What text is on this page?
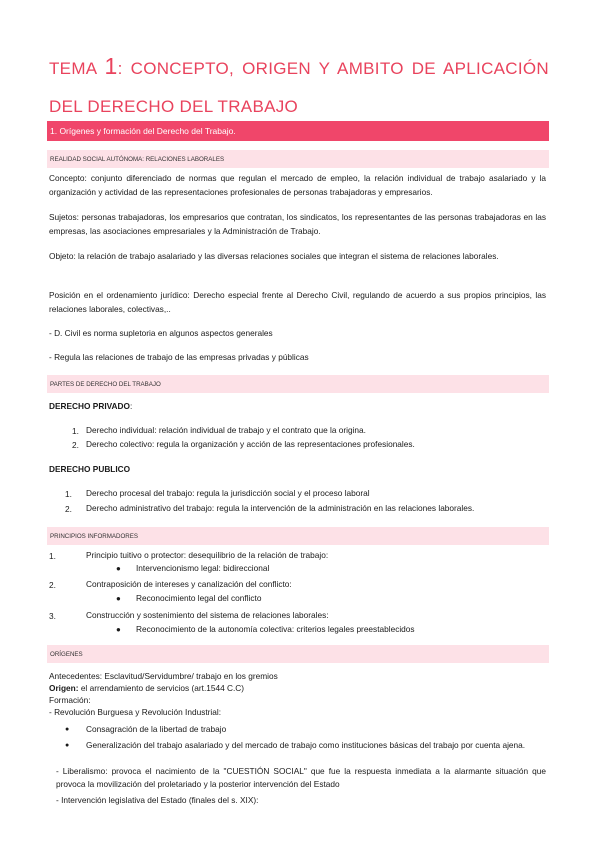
TEMA 1: CONCEPTO, ORIGEN Y AMBITO DE APLICACIÓN DEL DERECHO DEL TRABAJO
1. Orígenes y formación del Derecho del Trabajo.
REALIDAD SOCIAL AUTÓNOMA: RELACIONES LABORALES

Concepto: conjunto diferenciado de normas que regulan el mercado de empleo, la relación individual de trabajo asalariado y la organización y actividad de las representaciones profesionales de personas trabajadoras y empresarios.

Sujetos: personas trabajadoras, los empresarios que contratan, los sindicatos, los representantes de las personas trabajadoras en las empresas, las asociaciones empresariales y la Administración de Trabajo.

Objeto: la relación de trabajo asalariado y las diversas relaciones sociales que integran el sistema de relaciones laborales.

Posición en el ordenamiento jurídico: Derecho especial frente al Derecho Civil, regulando de acuerdo a sus propios principios, las relaciones laborales, colectivas,..

- D. Civil es norma supletoria en algunos aspectos generales

- Regula las relaciones de trabajo de las empresas privadas y públicas

PARTES DE DERECHO DEL TRABAJO
DERECHO PRIVADO:
1. Derecho individual: relación individual de trabajo y el contrato que la origina.
2. Derecho colectivo: regula la organización y acción de las representaciones profesionales.
DERECHO PUBLICO
1. Derecho procesal del trabajo: regula la jurisdicción social y el proceso laboral
2. Derecho administrativo del trabajo: regula la intervención de la administración en las relaciones laborales.
PRINCIPIOS INFORMADORES
1.	Principio tuitivo o protector: desequilibrio de la relación de trabajo:
● Intervencionismo legal: bidireccional
2.	Contraposición de intereses y canalización del conflicto:
● Reconocimiento legal del conflicto
3.	Construcción y sostenimiento del sistema de relaciones laborales:
● Reconocimiento de la autonomía colectiva: criterios legales preestablecidos
ORÍGENES
Antecedentes: Esclavitud/Servidumbre/ trabajo en los gremios
Origen: el arrendamiento de servicios (art.1544 C.C)
Formación:
- Revolución Burguesa y Revolución Industrial:
● Consagración de la libertad de trabajo
● Generalización del trabajo asalariado y del mercado de trabajo como instituciones básicas del trabajo por cuenta ajena.
- Liberalismo: provoca el nacimiento de la "CUESTIÓN SOCIAL" que fue la respuesta inmediata a la alarmante situación que provoca la movilización del proletariado y la posterior intervención del Estado
- Intervención legislativa del Estado (finales del s. XIX):
